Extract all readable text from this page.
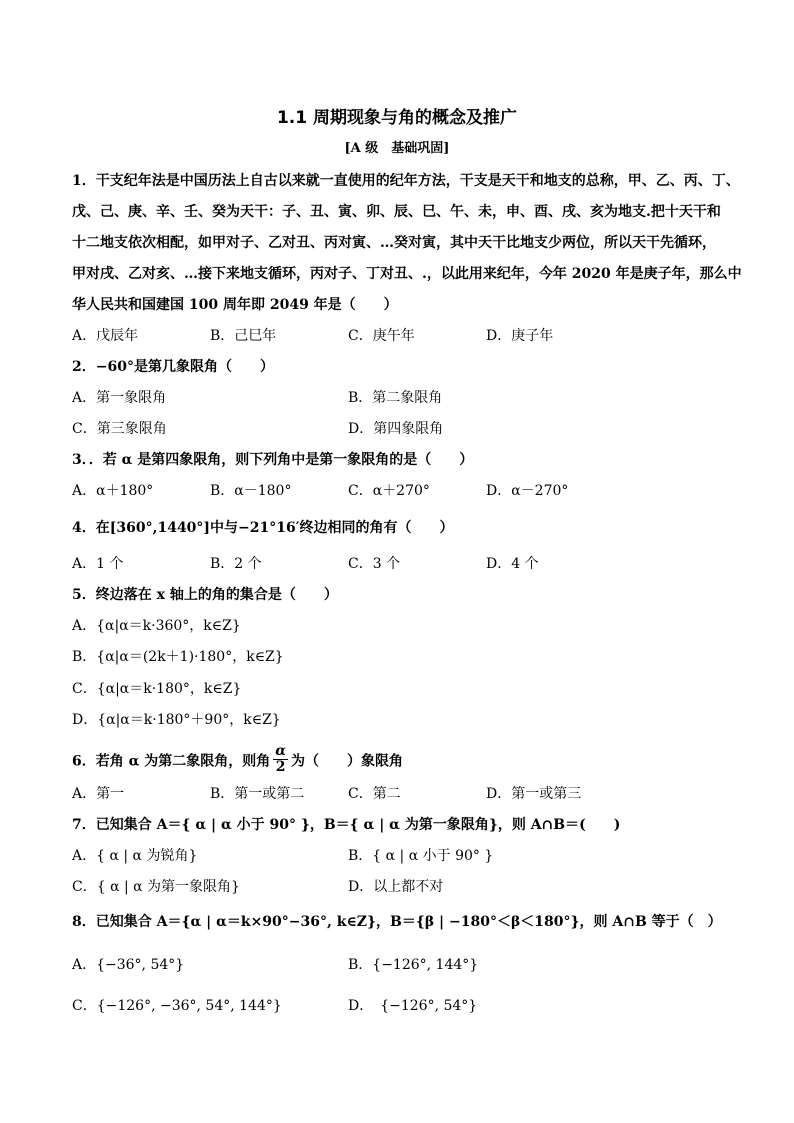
1.1 周期现象与角的概念及推广
[A 级　基础巩固]
1．干支纪年法是中国历法上自古以来就一直使用的纪年方法，干支是天干和地支的总称，甲、乙、丙、丁、
戊、己、庚、辛、壬、癸为天干：子、丑、寅、卯、辰、巳、午、未，申、酉、戌、亥为地支.把十天干和
十二地支依次相配，如甲对子、乙对丑、丙对寅、…癸对寅，其中天干比地支少两位，所以天干先循环，
甲对戌、乙对亥、…接下来地支循环，丙对子、丁对丑、.，以此用来纪年，今年 2020 年是庚子年，那么中
华人民共和国建国 100 周年即 2049 年是（　　）
A．戊辰年	B．己巳年	C．庚午年	D．庚子年
2．−60°是第几象限角（　　）
A．第一象限角	B．第二象限角
C．第三象限角	D．第四象限角
3．．若 α 是第四象限角，则下列角中是第一象限角的是（　　）
A．α＋180°	B．α－180°	C．α＋270°	D．α－270°
4．在[360°,1440°]中与−21°16′终边相同的角有（　　）
A．1 个	B．2 个	C．3 个	D．4 个
5．终边落在 x 轴上的角的集合是（　　）
A．{α|α＝k·360°，k∈Z}
B．{α|α＝(2k＋1)·180°，k∈Z}
C．{α|α＝k·180°，k∈Z}
D．{α|α＝k·180°＋90°，k∈Z}
6．若角 α 为第二象限角，则角 $\frac{\alpha}{2}$ 为（　　）象限角
A．第一	B．第一或第二	C．第二	D．第一或第三
7．已知集合 A＝{ α | α 小于 90° }，B＝{ α | α 为第一象限角}，则 A∩B＝(　　)
A．{ α | α 为锐角}	B．{ α | α 小于 90° }
C．{ α | α 为第一象限角}	D．以上都不对
8．已知集合 A＝{α | α＝k×90°−36°, k∈Z}，B＝{β | −180°＜β＜180°}，则 A∩B 等于（　）
A．{−36°, 54°}	B．{−126°, 144°}
C．{−126°, −36°, 54°, 144°}	D．　{−126°, 54°}
